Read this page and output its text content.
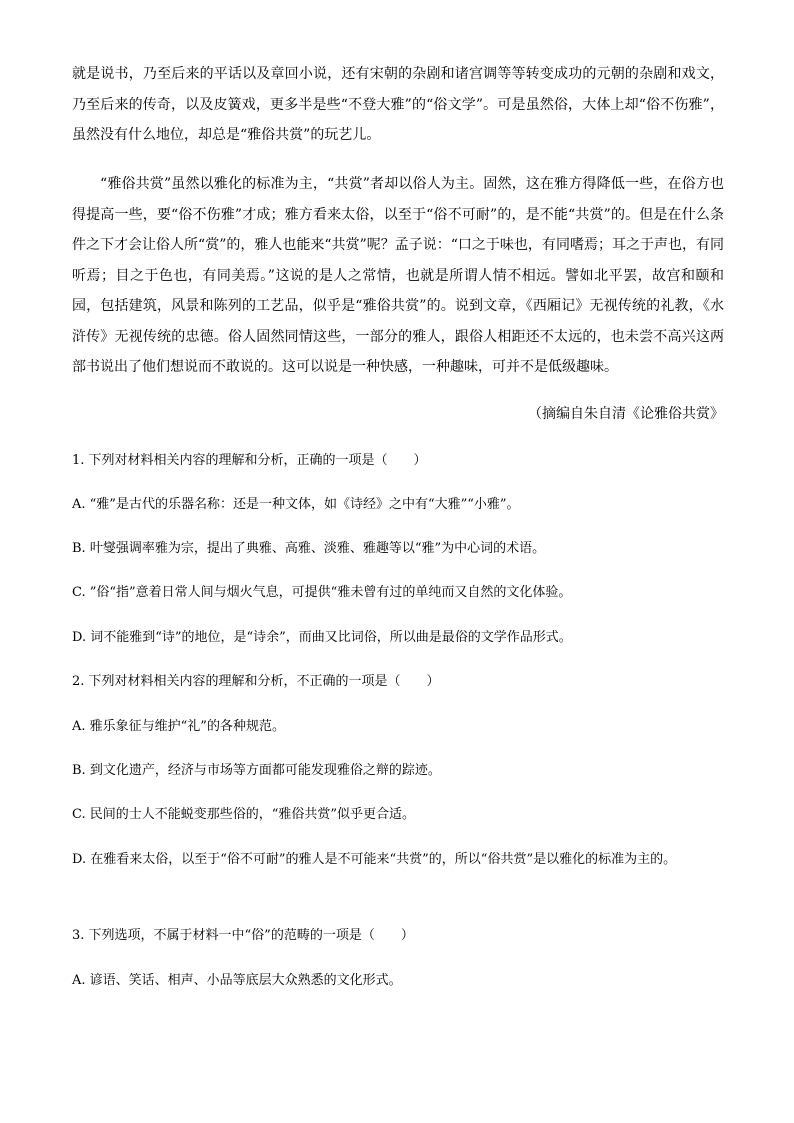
就是说书，乃至后来的平话以及章回小说，还有宋朝的杂剧和诸宫调等等转变成功的元朝的杂剧和戏文，乃至后来的传奇，以及皮簧戏，更多半是些“不登大雅”的“俗文学”。可是虽然俗，大体上却“俗不伤雅”，虽然没有什么地位，却总是“雅俗共赏”的玩艺儿。

“雅俗共赏”虽然以雅化的标准为主，“共赏”者却以俗人为主。固然，这在雅方得降低一些，在俗方也得提高一些，要“俗不伤雅”才成；雅方看来太俗，以至于“俗不可耐”的，是不能“共赏”的。但是在什么条件之下才会让俗人所“赏”的，雅人也能来“共赏”呢？孟子说：“口之于味也，有同嗜焉；耳之于声也，有同听焉；目之于色也，有同美焉。”这说的是人之常情，也就是所谓人情不相远。譬如北平罢，故宫和颐和园，包括建筑，风景和陈列的工艺品，似乎是“雅俗共赏”的。说到文章，《西厢记》无视传统的礼教，《水浒传》无视传统的忠德。俗人固然同情这些，一部分的雅人，跟俗人相距还不太远的，也未尝不高兴这两部书说出了他们想说而不敢说的。这可以说是一种快感，一种趣味，可并不是低级趣味。

（摘编自朱自清《论雅俗共赏》

1. 下列对材料相关内容的理解和分析，正确的一项是（　　）

A. “雅”是古代的乐器名称：还是一种文体，如《诗经》之中有“大雅”“小雅”。

B. 叶燮强调率雅为宗，提出了典雅、高雅、淡雅、雅趣等以“雅”为中心词的术语。

C. ”俗“指”意着日常人间与烟火气息，可提供“雅未曾有过的单纯而又自然的文化体验。

D. 词不能雅到“诗”的地位，是“诗余”，而曲又比词俗，所以曲是最俗的文学作品形式。

2. 下列对材料相关内容的理解和分析，不正确的一项是（　　）

A. 雅乐象征与维护“礼”的各种规范。

B. 到文化遗产，经济与市场等方面都可能发现雅俗之辩的踪迹。

C. 民间的士人不能蜕变那些俗的，“雅俗共赏”似乎更合适。

D. 在雅看来太俗，以至于“俗不可耐”的雅人是不可能来“共赏”的，所以“俗共赏”是以雅化的标准为主的。

3. 下列选项，不属于材料一中“俗”的范畴的一项是（　　）

A. 谚语、笑话、相声、小品等底层大众熟悉的文化形式。
